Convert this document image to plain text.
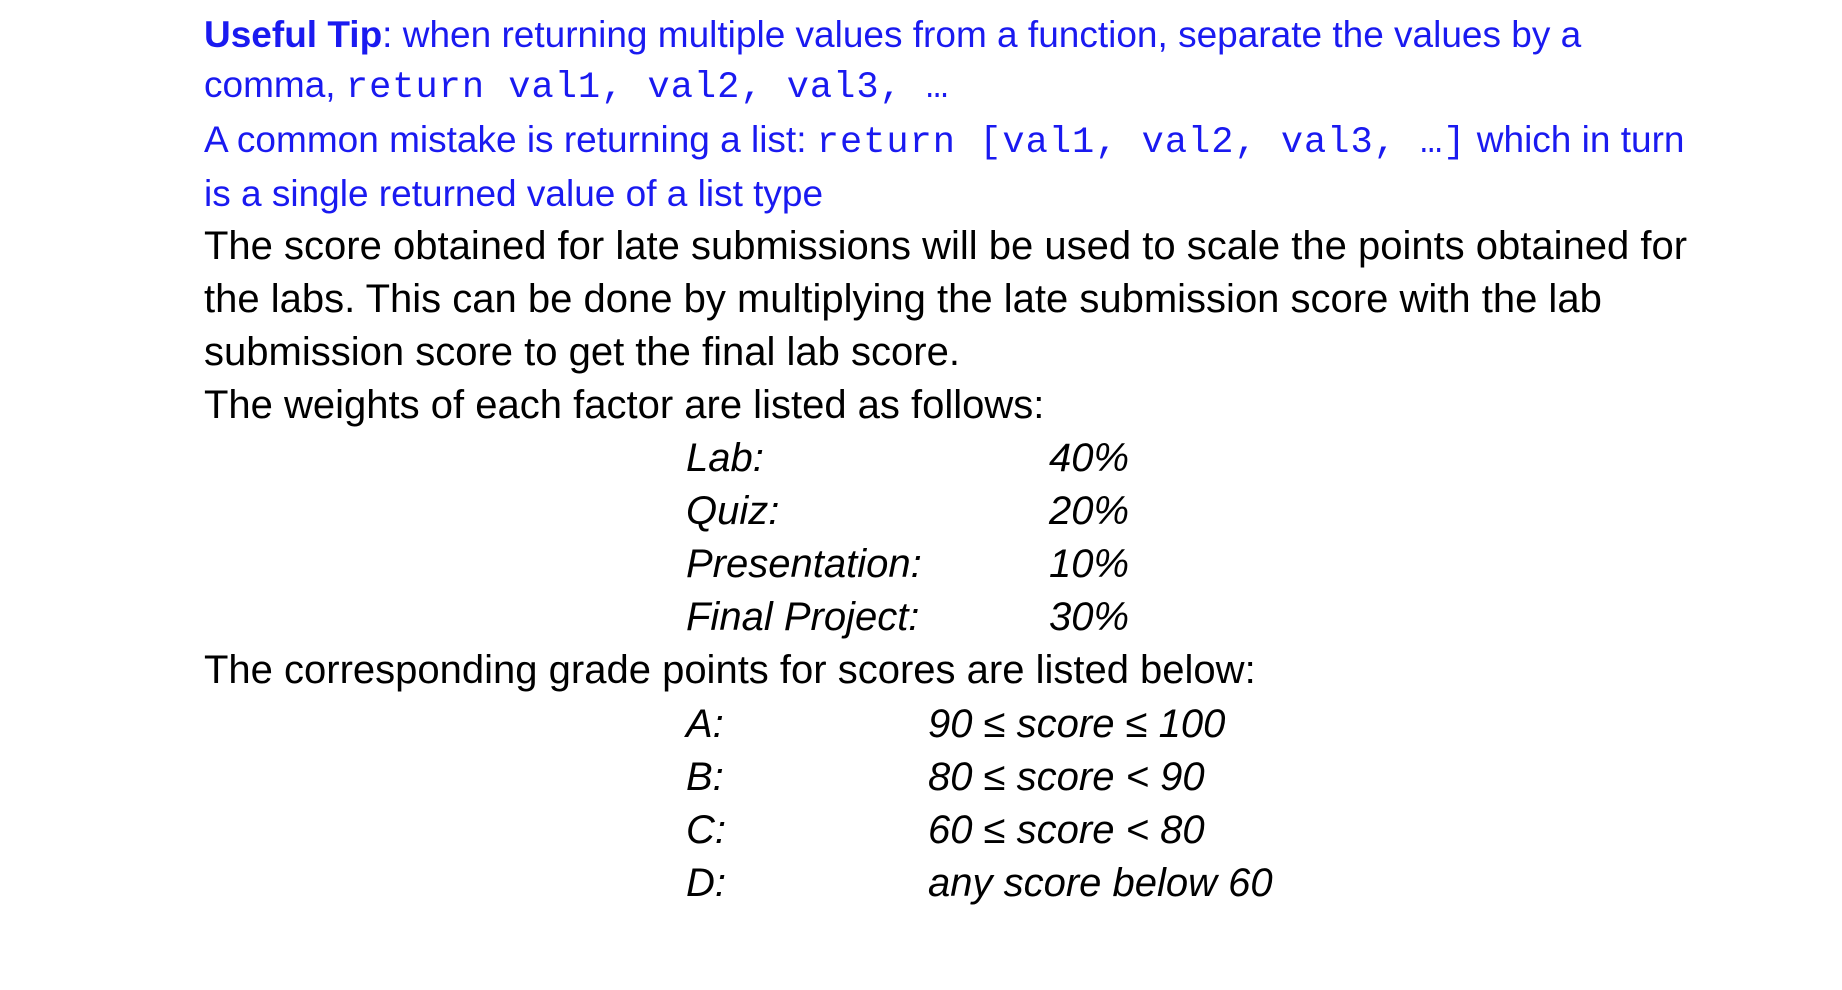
Useful Tip: when returning multiple values from a function, separate the values by a
comma, return val1, val2, val3, …
A common mistake is returning a list: return [val1, val2, val3, …] which in turn
is a single returned value of a list type
The score obtained for late submissions will be used to scale the points obtained for
the labs. This can be done by multiplying the late submission score with the lab
submission score to get the final lab score.
The weights of each factor are listed as follows:
Lab:	40%
Quiz:	20%
Presentation:	10%
Final Project:	30%
The corresponding grade points for scores are listed below:
A:	90 ≤ score ≤ 100
B:	80 ≤ score < 90
C:	60 ≤ score < 80
D:	any score below 60
